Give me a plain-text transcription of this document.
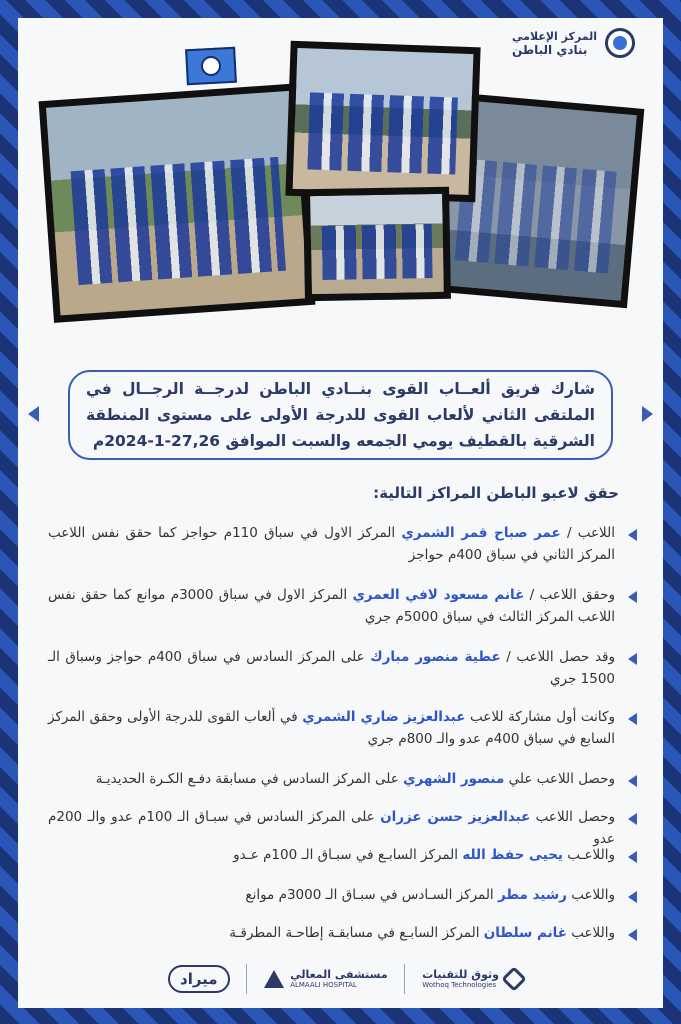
المركز الإعلامي
بنادي الباطن

شارك فريق ألعــاب القوى بنــادي الباطن لدرجــة الرجــال في الملتقى الثاني لألعاب القوى للدرجة الأولى على مستوى المنطقة الشرقية بالقطيف يومي الجمعه والسبت الموافق 27,26-1-2024م

حقق لاعبو الباطن المراكز التالية:

اللاعب / عمر صباح قمر الشمري المركز الاول في سباق 110م حواجز كما حقق نفس اللاعب المركز الثاني في سباق 400م حواجز

وحقق اللاعب / غانم مسعود لافي العمري المركز الاول في سباق 3000م موانع كما حقق نفس اللاعب المركز الثالث في سباق 5000م جري

وقد حصل اللاعب / عطية منصور مبارك على المركز السادس في سباق 400م حواجز وسباق الـ 1500 جري

وكانت أول مشاركة للاعب عبدالعزيز ضاري الشمري في ألعاب القوى للدرجة الأولى وحقق المركز السابع في سباق 400م عدو والـ 800م جري

وحصل اللاعب علي منصور الشهري على المركز السادس في مسابقة دفـع الكـرة الحديديـة

وحصل اللاعب عبدالعزيز حسن عزران على المركز السادس في سبـاق الـ 100م عدو والـ 200م عدو

واللاعـب يحيى حفظ الله المركز السابـع في سبـاق الـ 100م عـدو

واللاعب رشيد مطر المركز السـادس في سبـاق الـ 3000م موانع

واللاعب غانم سلطان المركز السابـع في مسابقـة إطاحـة المطرقـة

ميراد	مستشفى المعالي
ALMAALI HOSPITAL
وثوق للتقنيات
Wothoq Technologies
